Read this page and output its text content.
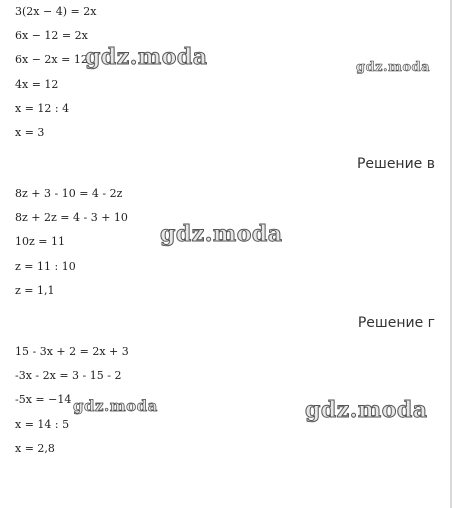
3(2x − 4) = 2x
6x − 12 = 2x
6x − 2x = 12
4x = 12
x = 12 : 4
x = 3
Решение в
8z + 3 - 10 = 4 - 2z
8z + 2z = 4 - 3 + 10
10z = 11
z = 11 : 10
z = 1,1
Решение г
15 - 3x + 2 = 2x + 3
-3x - 2x = 3 - 15 - 2
-5x = −14
x = 14 : 5
x = 2,8
gdz.moda	gdz.moda
gdz.moda
gdz.moda	gdz.moda
